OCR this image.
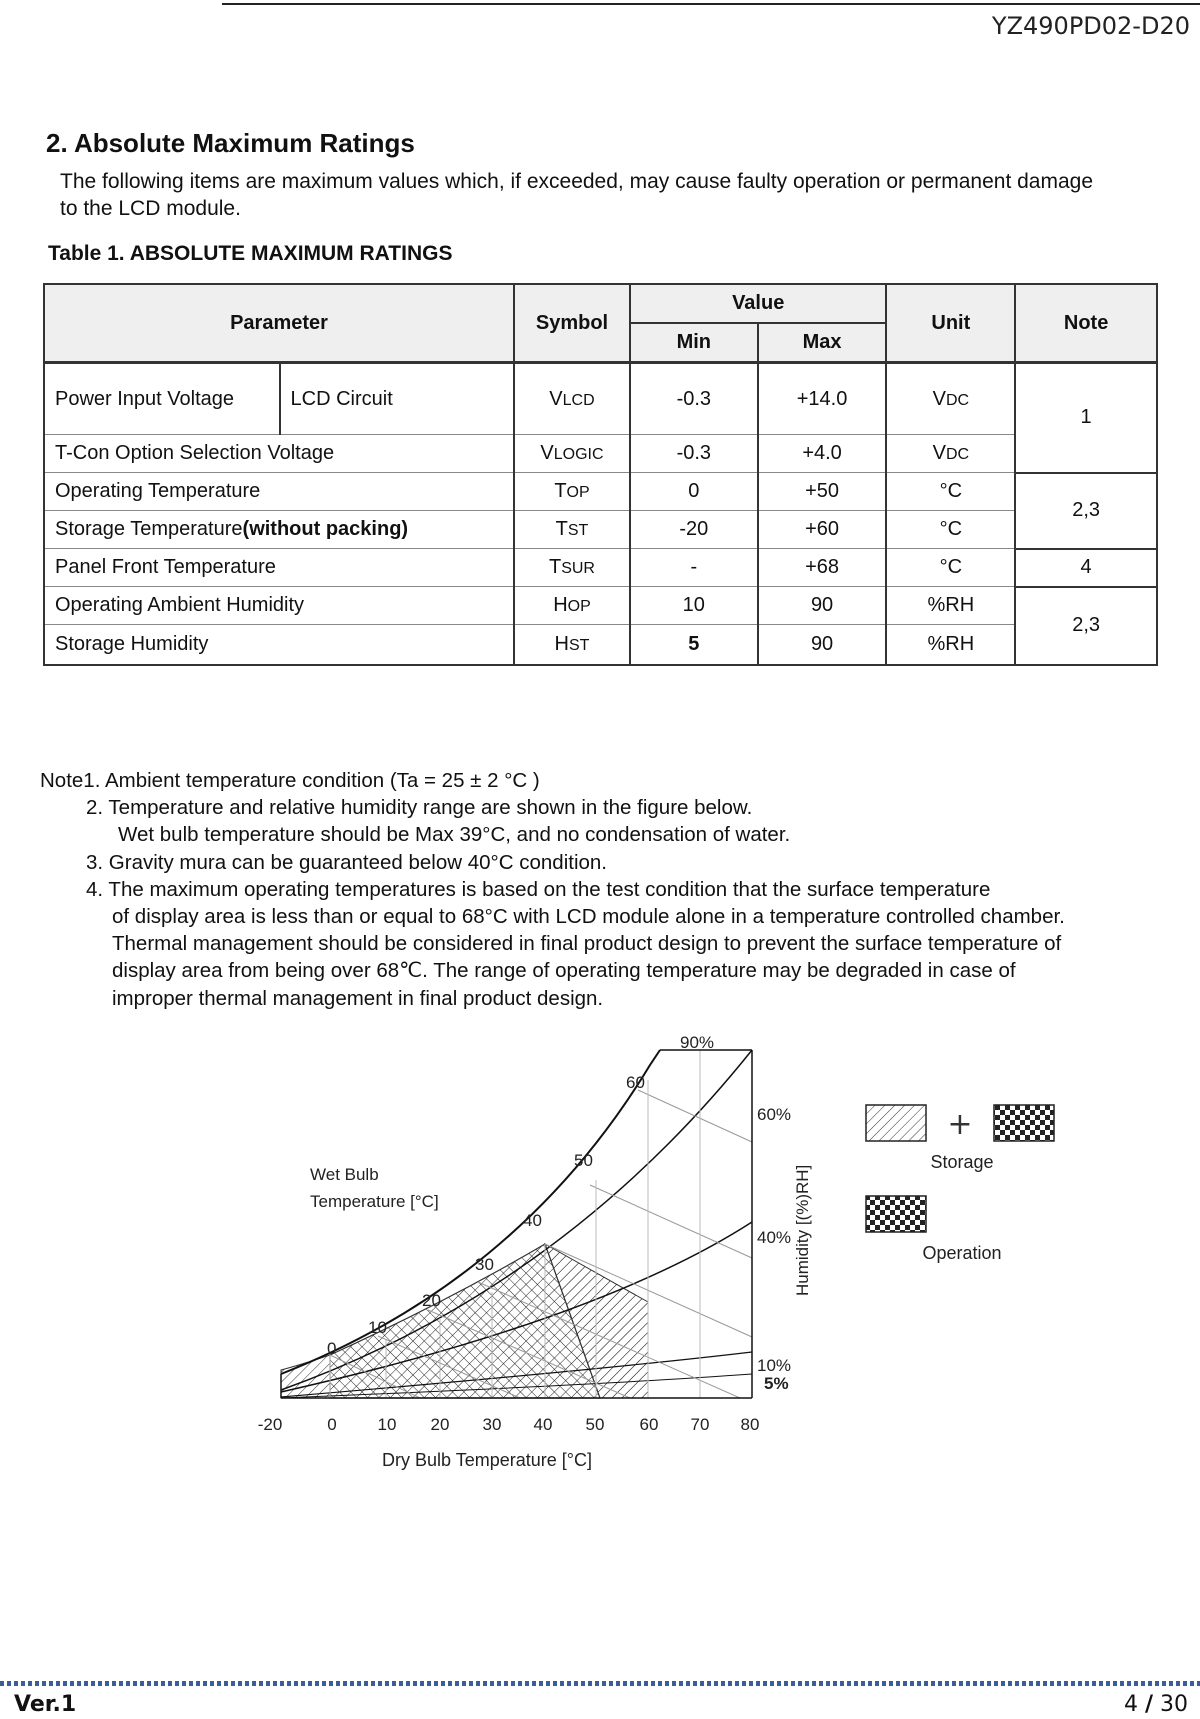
YZ490PD02-D20
2. Absolute Maximum Ratings
The following items are maximum values which, if exceeded, may cause faulty operation or permanent damage
to the LCD module.
Table 1. ABSOLUTE MAXIMUM RATINGS
Parameter		Symbol	Value		Unit	Note
			Min	Max		
Power Input Voltage	LCD Circuit	VLCD	-0.3	+14.0	VDC	1
T-Con Option Selection Voltage		VLOGIC	-0.3	+4.0	VDC	
Operating Temperature		TOP	0	+50	°C	2,3
Storage Temperature(without packing)		TST	-20	+60	°C	
Panel Front Temperature		TSUR	-	+68	°C	4
Operating Ambient Humidity		HOP	10	90	%RH	2,3
Storage Humidity		HST	5	90	%RH	
Note1. Ambient temperature condition (Ta = 25 ± 2 °C )
2. Temperature and relative humidity range are shown in the figure below.
Wet bulb temperature should be Max 39°C, and no condensation of water.
3. Gravity mura can be guaranteed below 40°C condition.
4. The maximum operating temperatures is based on the test condition that the surface temperature
of display area is less than or equal to 68°C with LCD module alone in a temperature controlled chamber.
Thermal management should be considered in final product design to prevent the surface temperature of
display area from being over 68℃. The range of operating temperature may be degraded in case of
improper thermal management in final product design.
-20	0 10 20 30 40 50 60 70 80
Dry Bulb Temperature [°C]
Wet Bulb
Temperature [°C]
0
10
20
30
40
50
60
90%
60%
40%
10%
5%
Humidity [(%)RH]
+
Storage
Operation
Ver.1	4 / 30
